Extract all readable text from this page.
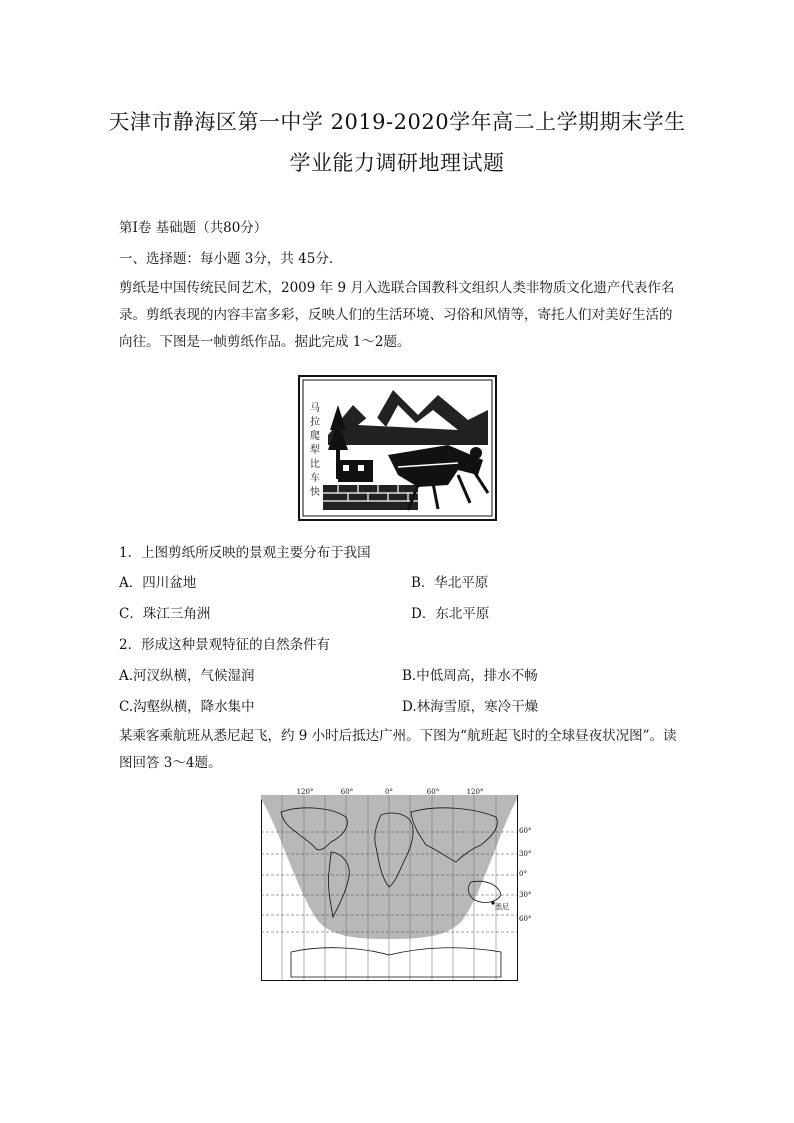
天津市静海区第一中学 2019-2020学年高二上学期期末学生
学业能力调研地理试题
第Ⅰ卷 基础题（共80分）
一、选择题：每小题 3分，共 45分.
剪纸是中国传统民间艺术，2009 年 9 月入选联合国教科文组织人类非物质文化遗产代表作名录。剪纸表现的内容丰富多彩，反映人们的生活环境、习俗和风情等，寄托人们对美好生活的向往。下图是一帧剪纸作品。据此完成 1～2题。
马
拉
爬
犁
比
车
快
1．上图剪纸所反映的景观主要分布于我国
A．四川盆地	B．华北平原
C．珠江三角洲	D．东北平原
2．形成这种景观特征的自然条件有
A.河汊纵横，气候湿润	B.中低周高，排水不畅
C.沟壑纵横，降水集中	D.林海雪原，寒冷干燥
某乘客乘航班从悉尼起飞，约 9 小时后抵达广州。下图为“航班起飞时的全球昼夜状况图”。读图回答 3～4题。
120°	60°	0°	60°	120°
60°
30°
0°
30°
60°
悉尼
